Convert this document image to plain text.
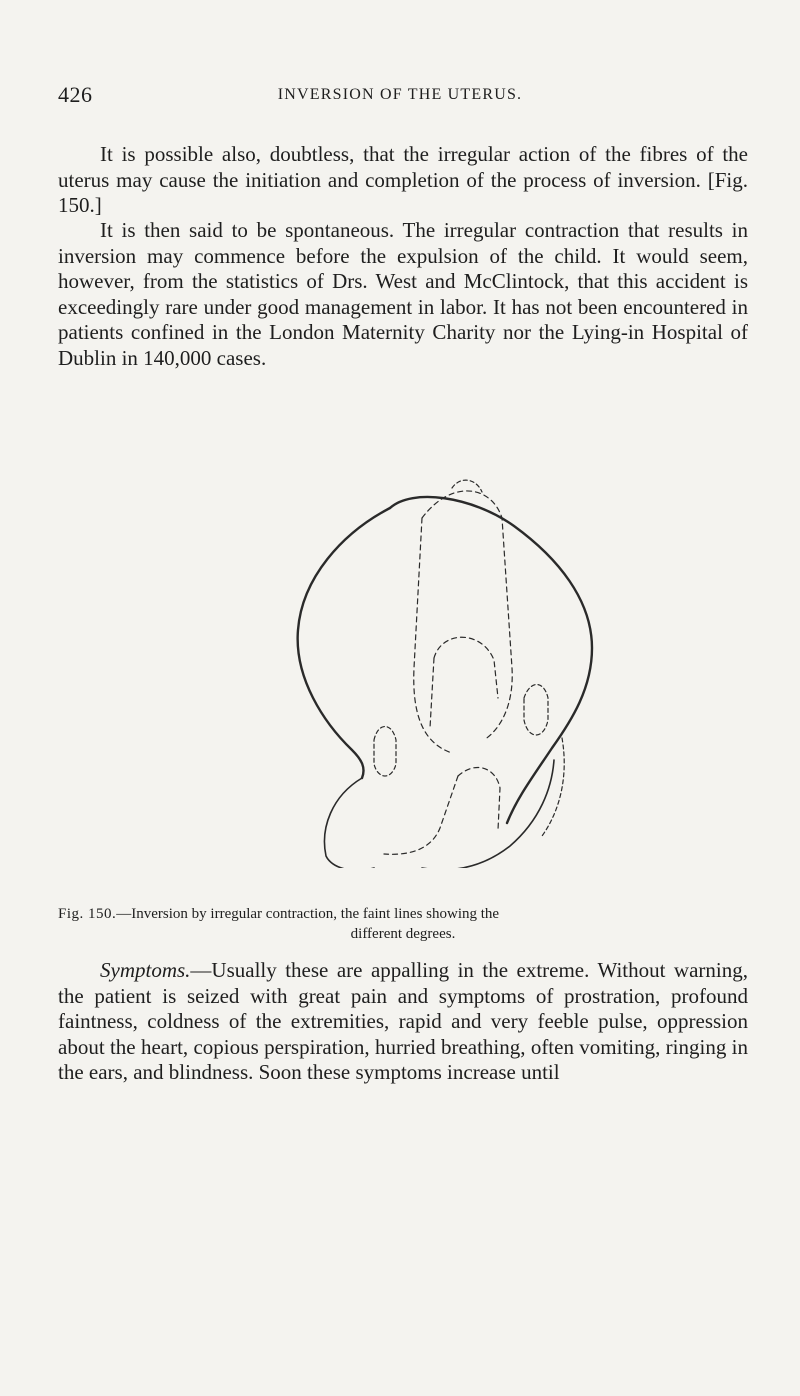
426	INVERSION OF THE UTERUS.

It is possible also, doubtless, that the irregular action of the fibres of the uterus may cause the initiation and completion of the process of inversion. [Fig. 150.]

It is then said to be spontaneous. The irregular contraction that results in inversion may commence before the expulsion of the child. It would seem, however, from the statistics of Drs. West and McClintock, that this accident is exceedingly rare under good management in labor. It has not been encountered in patients confined in the London Maternity Charity nor the Lying-in Hospital of Dublin in 140,000 cases.

Fig. 150.—Inversion by irregular contraction, the faint lines showing the
different degrees.

Symptoms.—Usually these are appalling in the extreme. Without warning, the patient is seized with great pain and symptoms of prostration, profound faintness, coldness of the extremities, rapid and very feeble pulse, oppression about the heart, copious perspiration, hurried breathing, often vomiting, ringing in the ears, and blindness. Soon these symptoms increase until
